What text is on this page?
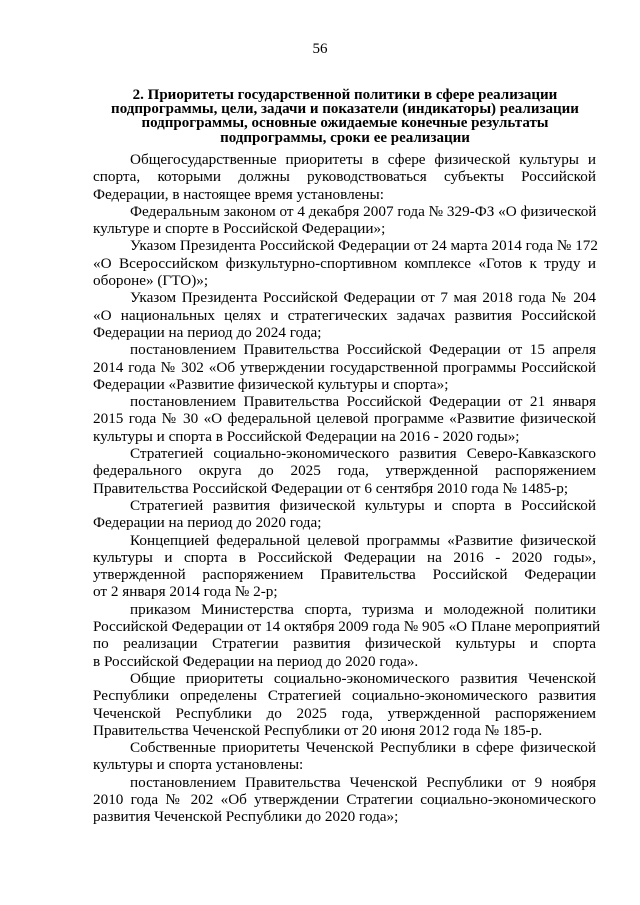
56
2. Приоритеты государственной политики в сфере реализации
подпрограммы, цели, задачи и показатели (индикаторы) реализации
подпрограммы, основные ожидаемые конечные результаты
подпрограммы, сроки ее реализации
Общегосударственные приоритеты в сфере физической культуры и
спорта, которыми должны руководствоваться субъекты Российской
Федерации, в настоящее время установлены:
Федеральным законом от 4 декабря 2007 года № 329-ФЗ «О физической
культуре и спорте в Российской Федерации»;
Указом Президента Российской Федерации от 24 марта 2014 года № 172
«О Всероссийском физкультурно-спортивном комплексе «Готов к труду и
обороне» (ГТО)»;
Указом Президента Российской Федерации от 7 мая 2018 года № 204
«О национальных целях и стратегических задачах развития Российской
Федерации на период до 2024 года;
постановлением Правительства Российской Федерации от 15 апреля
2014 года № 302 «Об утверждении государственной программы Российской
Федерации «Развитие физической культуры и спорта»;
постановлением Правительства Российской Федерации от 21 января
2015 года № 30 «О федеральной целевой программе «Развитие физической
культуры и спорта в Российской Федерации на 2016 - 2020 годы»;
Стратегией социально-экономического развития Северо-Кавказского
федерального округа до 2025 года, утвержденной распоряжением
Правительства Российской Федерации от 6 сентября 2010 года № 1485-р;
Стратегией развития физической культуры и спорта в Российской
Федерации на период до 2020 года;
Концепцией федеральной целевой программы «Развитие физической
культуры и спорта в Российской Федерации на 2016 - 2020 годы»,
утвержденной распоряжением Правительства Российской Федерации
от 2 января 2014 года № 2-р;
приказом Министерства спорта, туризма и молодежной политики
Российской Федерации от 14 октября 2009 года № 905 «О Плане мероприятий
по реализации Стратегии развития физической культуры и спорта
в Российской Федерации на период до 2020 года».
Общие приоритеты социально-экономического развития Чеченской
Республики определены Стратегией социально-экономического развития
Чеченской Республики до 2025 года, утвержденной распоряжением
Правительства Чеченской Республики от 20 июня 2012 года № 185-р.
Собственные приоритеты Чеченской Республики в сфере физической
культуры и спорта установлены:
постановлением Правительства Чеченской Республики от 9 ноября
2010 года № 202 «Об утверждении Стратегии социально-экономического
развития Чеченской Республики до 2020 года»;
